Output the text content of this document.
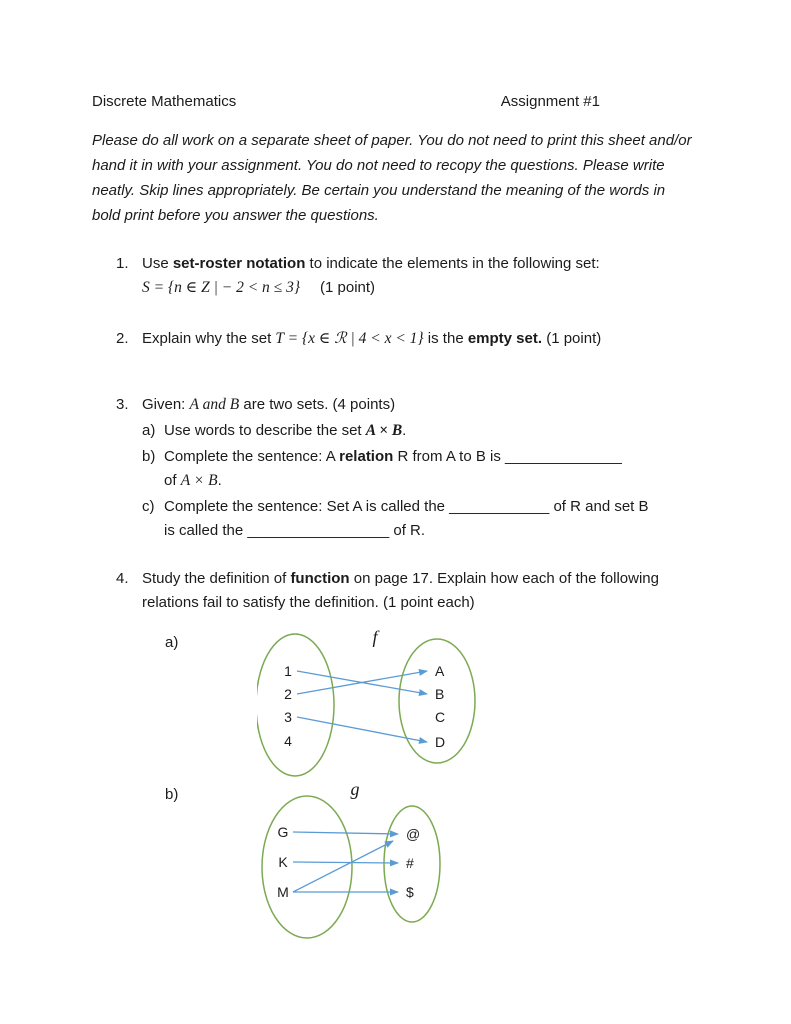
Discrete Mathematics	Assignment #1

Please do all work on a separate sheet of paper. You do not need to print this sheet and/or hand it in with your assignment. You do not need to recopy the questions. Please write neatly. Skip lines appropriately. Be certain you understand the meaning of the words in bold print before you answer the questions.

1. Use set-roster notation to indicate the elements in the following set:
S = {n ∈ Z | − 2 < n ≤ 3} (1 point)
2. Explain why the set T = {x ∈ ℛ | 4 < x < 1} is the empty set. (1 point)
3. Given: A and B are two sets. (4 points)
a) Use words to describe the set A × B.
b) Complete the sentence: A relation R from A to B is ______________
of A × B.
c) Complete the sentence: Set A is called the ____________ of R and set B
is called the _________________ of R.
4. Study the definition of function on page 17. Explain how each of the following relations fail to satisfy the definition. (1 point each)
a)	f
1
2
3
4
A
B
C
D
b)	g
G
K
M
@
#
$
